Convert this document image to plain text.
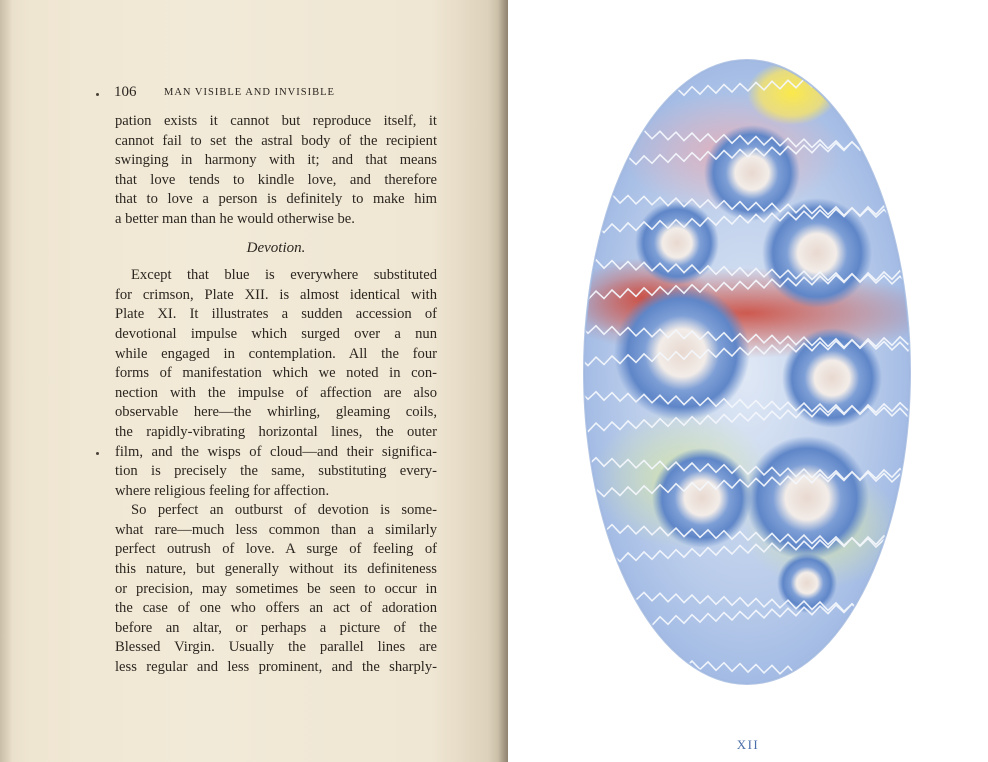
106	MAN VISIBLE AND INVISIBLE
pation exists it cannot but reproduce itself, it
cannot fail to set the astral body of the recipient
swinging in harmony with it; and that means
that love tends to kindle love, and therefore
that to love a person is definitely to make him
a better man than he would otherwise be.
Devotion.
Except that blue is everywhere substituted
for crimson, Plate XII. is almost identical with
Plate XI. It illustrates a sudden accession of
devotional impulse which surged over a nun
while engaged in contemplation. All the four
forms of manifestation which we noted in con-
nection with the impulse of affection are also
observable here—the whirling, gleaming coils,
the rapidly-vibrating horizontal lines, the outer
film, and the wisps of cloud—and their significa-
tion is precisely the same, substituting every-
where religious feeling for affection.
So perfect an outburst of devotion is some-
what rare—much less common than a similarly
perfect outrush of love. A surge of feeling of
this nature, but generally without its definiteness
or precision, may sometimes be seen to occur in
the case of one who offers an act of adoration
before an altar, or perhaps a picture of the
Blessed Virgin. Usually the parallel lines are
less regular and less prominent, and the sharply-
XII
